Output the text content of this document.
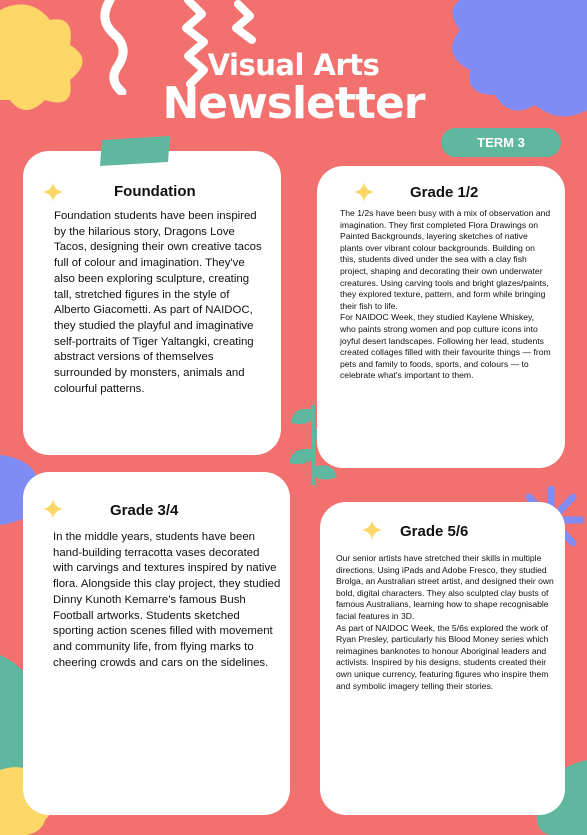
Visual Arts
Newsletter
TERM 3
Foundation

Foundation students have been inspired by the hilarious story, Dragons Love Tacos, designing their own creative tacos full of colour and imagination. They've also been exploring sculpture, creating tall, stretched figures in the style of Alberto Giacometti. As part of NAIDOC, they studied the playful and imaginative self-portraits of Tiger Yaltangki, creating abstract versions of themselves surrounded by monsters, animals and colourful patterns.

Grade 1/2

The 1/2s have been busy with a mix of observation and imagination. They first completed Flora Drawings on Painted Backgrounds, layering sketches of native plants over vibrant colour backgrounds. Building on this, students dived under the sea with a clay fish project, shaping and decorating their own underwater creatures. Using carving tools and bright glazes/paints, they explored texture, pattern, and form while bringing their fish to life.
For NAIDOC Week, they studied Kaylene Whiskey, who paints strong women and pop culture icons into joyful desert landscapes. Following her lead, students created collages filled with their favourite things — from pets and family to foods, sports, and colours — to celebrate what's important to them.

Grade 3/4

In the middle years, students have been hand-building terracotta vases decorated with carvings and textures inspired by native flora. Alongside this clay project, they studied Dinny Kunoth Kemarre's famous Bush Football artworks. Students sketched sporting action scenes filled with movement and community life, from flying marks to cheering crowds and cars on the sidelines.

Grade 5/6

Our senior artists have stretched their skills in multiple directions. Using iPads and Adobe Fresco, they studied Brolga, an Australian street artist, and designed their own bold, digital characters. They also sculpted clay busts of famous Australians, learning how to shape recognisable facial features in 3D.
As part of NAIDOC Week, the 5/6s explored the work of Ryan Presley, particularly his Blood Money series which reimagines banknotes to honour Aboriginal leaders and activists. Inspired by his designs, students created their own unique currency, featuring figures who inspire them and symbolic imagery telling their stories.
